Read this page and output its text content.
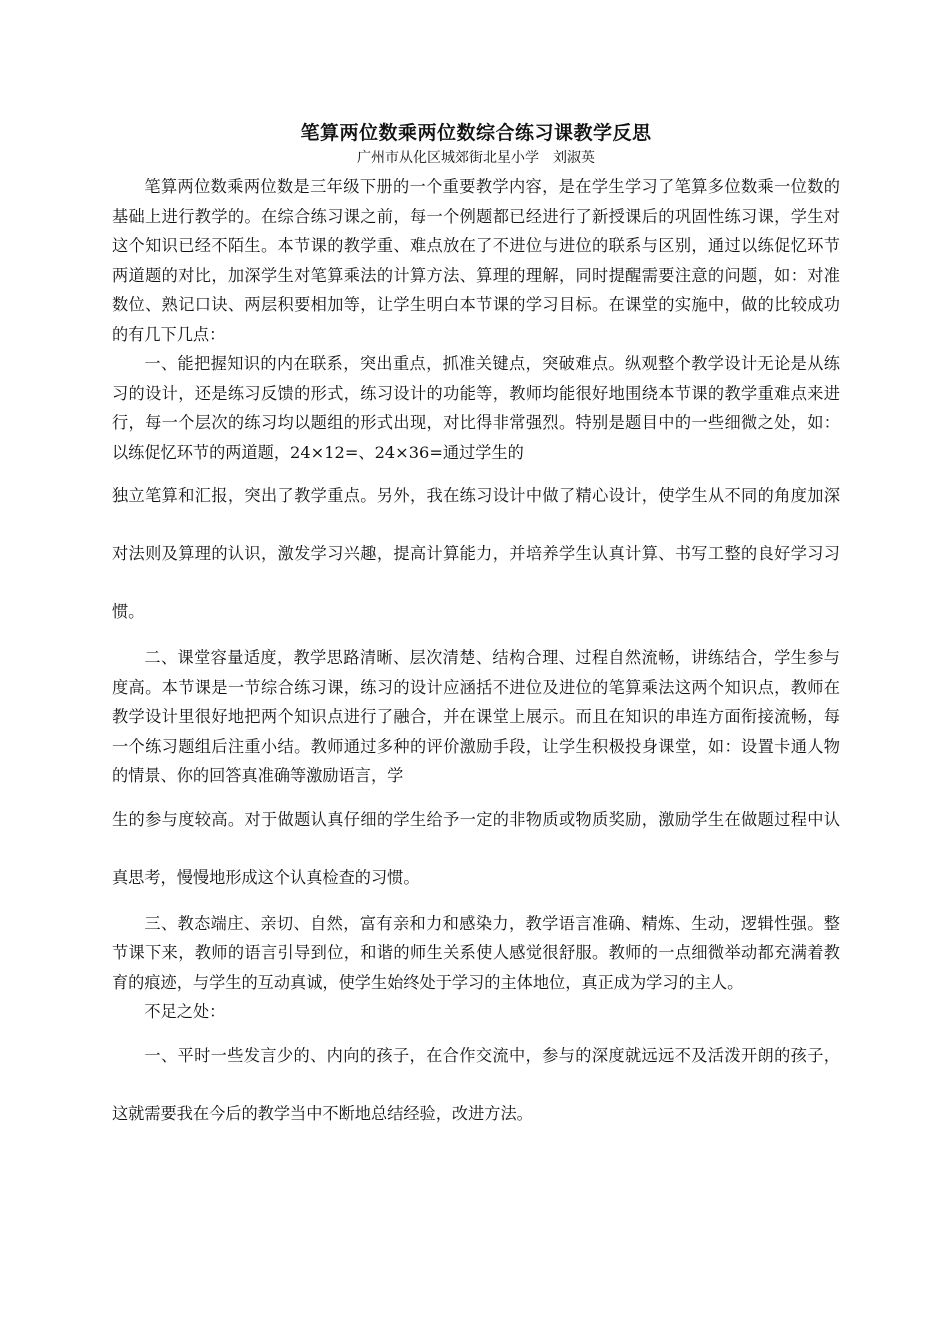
笔算两位数乘两位数综合练习课教学反思
广州市从化区城郊街北星小学　刘淑英

笔算两位数乘两位数是三年级下册的一个重要教学内容，是在学生学习了笔算多位数乘一位数的基础上进行教学的。在综合练习课之前，每一个例题都已经进行了新授课后的巩固性练习课，学生对这个知识已经不陌生。本节课的教学重、难点放在了不进位与进位的联系与区别，通过以练促忆环节两道题的对比，加深学生对笔算乘法的计算方法、算理的理解，同时提醒需要注意的问题，如：对准数位、熟记口诀、两层积要相加等，让学生明白本节课的学习目标。在课堂的实施中，做的比较成功的有几下几点：

一、能把握知识的内在联系，突出重点，抓准关键点，突破难点。纵观整个教学设计无论是从练习的设计，还是练习反馈的形式，练习设计的功能等，教师均能很好地围绕本节课的教学重难点来进行，每一个层次的练习均以题组的形式出现，对比得非常强烈。特别是题目中的一些细微之处，如：以练促忆环节的两道题，24×12=、24×36=通过学生的

独立笔算和汇报，突出了教学重点。另外，我在练习设计中做了精心设计，使学生从不同的角度加深对法则及算理的认识，激发学习兴趣，提高计算能力，并培养学生认真计算、书写工整的良好学习习惯。

二、课堂容量适度，教学思路清晰、层次清楚、结构合理、过程自然流畅，讲练结合，学生参与度高。本节课是一节综合练习课，练习的设计应涵括不进位及进位的笔算乘法这两个知识点，教师在教学设计里很好地把两个知识点进行了融合，并在课堂上展示。而且在知识的串连方面衔接流畅，每一个练习题组后注重小结。教师通过多种的评价激励手段，让学生积极投身课堂，如：设置卡通人物的情景、你的回答真准确等激励语言，学

生的参与度较高。对于做题认真仔细的学生给予一定的非物质或物质奖励，激励学生在做题过程中认真思考，慢慢地形成这个认真检查的习惯。

三、教态端庄、亲切、自然，富有亲和力和感染力，教学语言准确、精炼、生动，逻辑性强。整节课下来，教师的语言引导到位，和谐的师生关系使人感觉很舒服。教师的一点细微举动都充满着教育的痕迹，与学生的互动真诚，使学生始终处于学习的主体地位，真正成为学习的主人。

不足之处：

一、平时一些发言少的、内向的孩子，在合作交流中，参与的深度就远远不及活泼开朗的孩子，这就需要我在今后的教学当中不断地总结经验，改进方法。
